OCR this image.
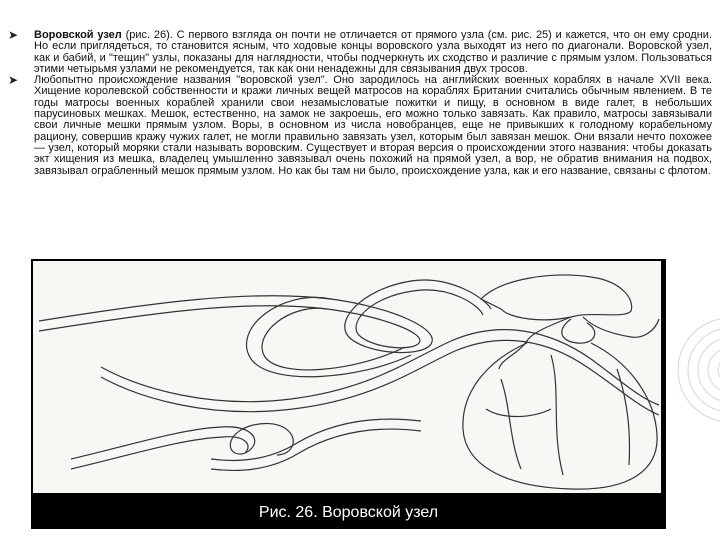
➤ Воровской узел (рис. 26). С первого взгляда он почти не отличается от прямого узла (см. рис. 25) и кажется, что он ему сродни. Но если приглядеться, то становится ясным, что ходовые концы воровского узла выходят из него по диагонали. Воровской узел, как и бабий, и "тещин" узлы, показаны для наглядности, чтобы подчеркнуть их сходство и различие с прямым узлом. Пользоваться этими четырьмя узлами не рекомендуется, так как они ненадежны для связывания двух тросов.

➤ Любопытно происхождение названия "воровской узел". Оно зародилось на английских военных кораблях в начале XVII века. Хищение королевской собственности и кражи личных вещей матросов на кораблях Британии считались обычным явлением. В те годы матросы военных кораблей хранили свои незамысловатые пожитки и пищу, в основном в виде галет, в небольших парусиновых мешках. Мешок, естественно, на замок не закроешь, его можно только завязать. Как правило, матросы завязывали свои личные мешки прямым узлом. Воры, в основном из числа новобранцев, еще не привыкших к голодному корабельному рациону, совершив кражу чужих галет, не могли правильно завязать узел, которым был завязан мешок. Они вязали нечто похожее — узел, который моряки стали называть воровским. Существует и вторая версия о происхождении этого названия: чтобы доказать экт хищения из мешка, владелец умышленно завязывал очень похожий на прямой узел, а вор, не обратив внимания на подвох, завязывал ограбленный мешок прямым узлом. Но как бы там ни было, происхождение узла, как и его название, связаны с флотом.

Рис. 26. Воровской узел
